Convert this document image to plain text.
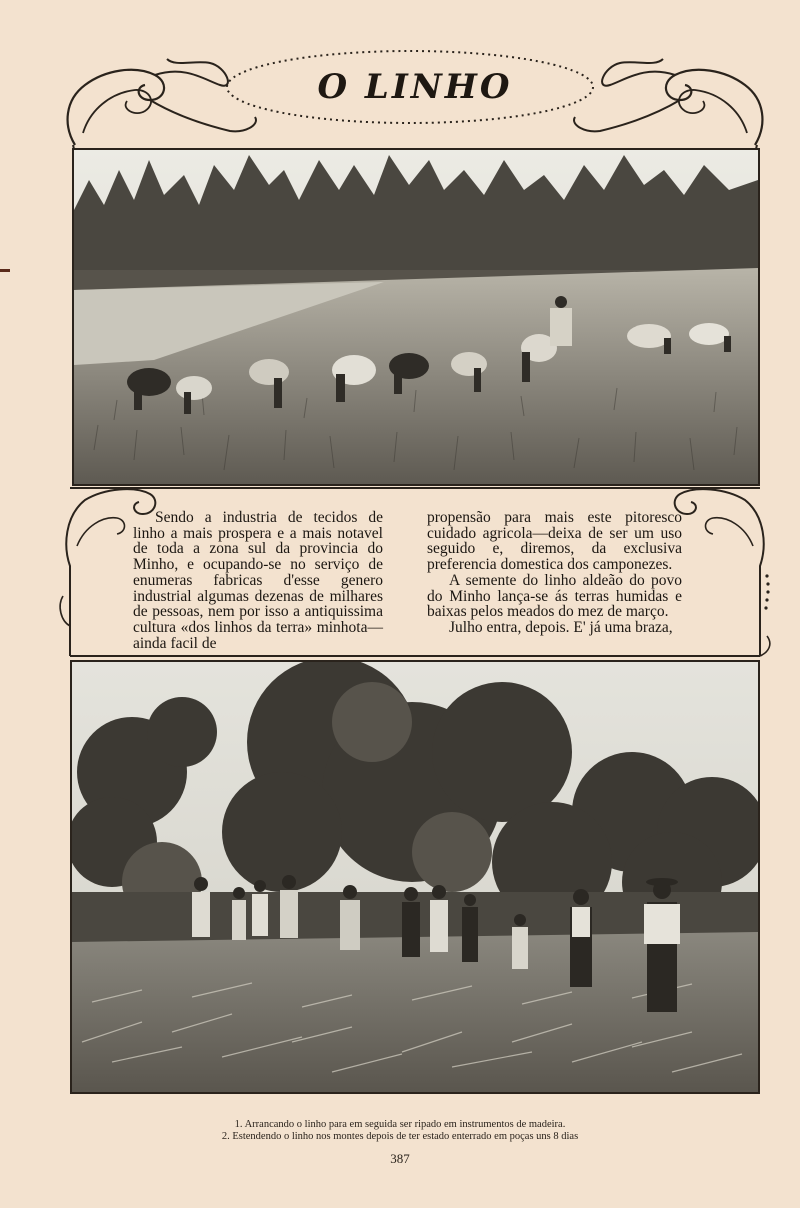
O LINHO

Sendo a industria de tecidos de linho a mais prospera e a mais notavel de toda a zona sul da provincia do Minho, e ocupando-se no serviço de enumeras fabricas d'esse genero industrial algumas dezenas de milhares de pessoas, nem por isso a antiquissima cultura «dos linhos da terra» minhota—ainda facil de

propensão para mais este pitoresco cuidado agricola—deixa de ser um uso seguido e, diremos, da exclusiva preferencia domestica dos camponezes.

A semente do linho aldeão do povo do Minho lança-se ás terras humidas e baixas pelos meados do mez de março.

Julho entra, depois. E' já uma braza,

1. Arrancando o linho para em seguida ser ripado em instrumentos de madeira.
2. Estendendo o linho nos montes depois de ter estado enterrado em poças uns 8 dias
387
